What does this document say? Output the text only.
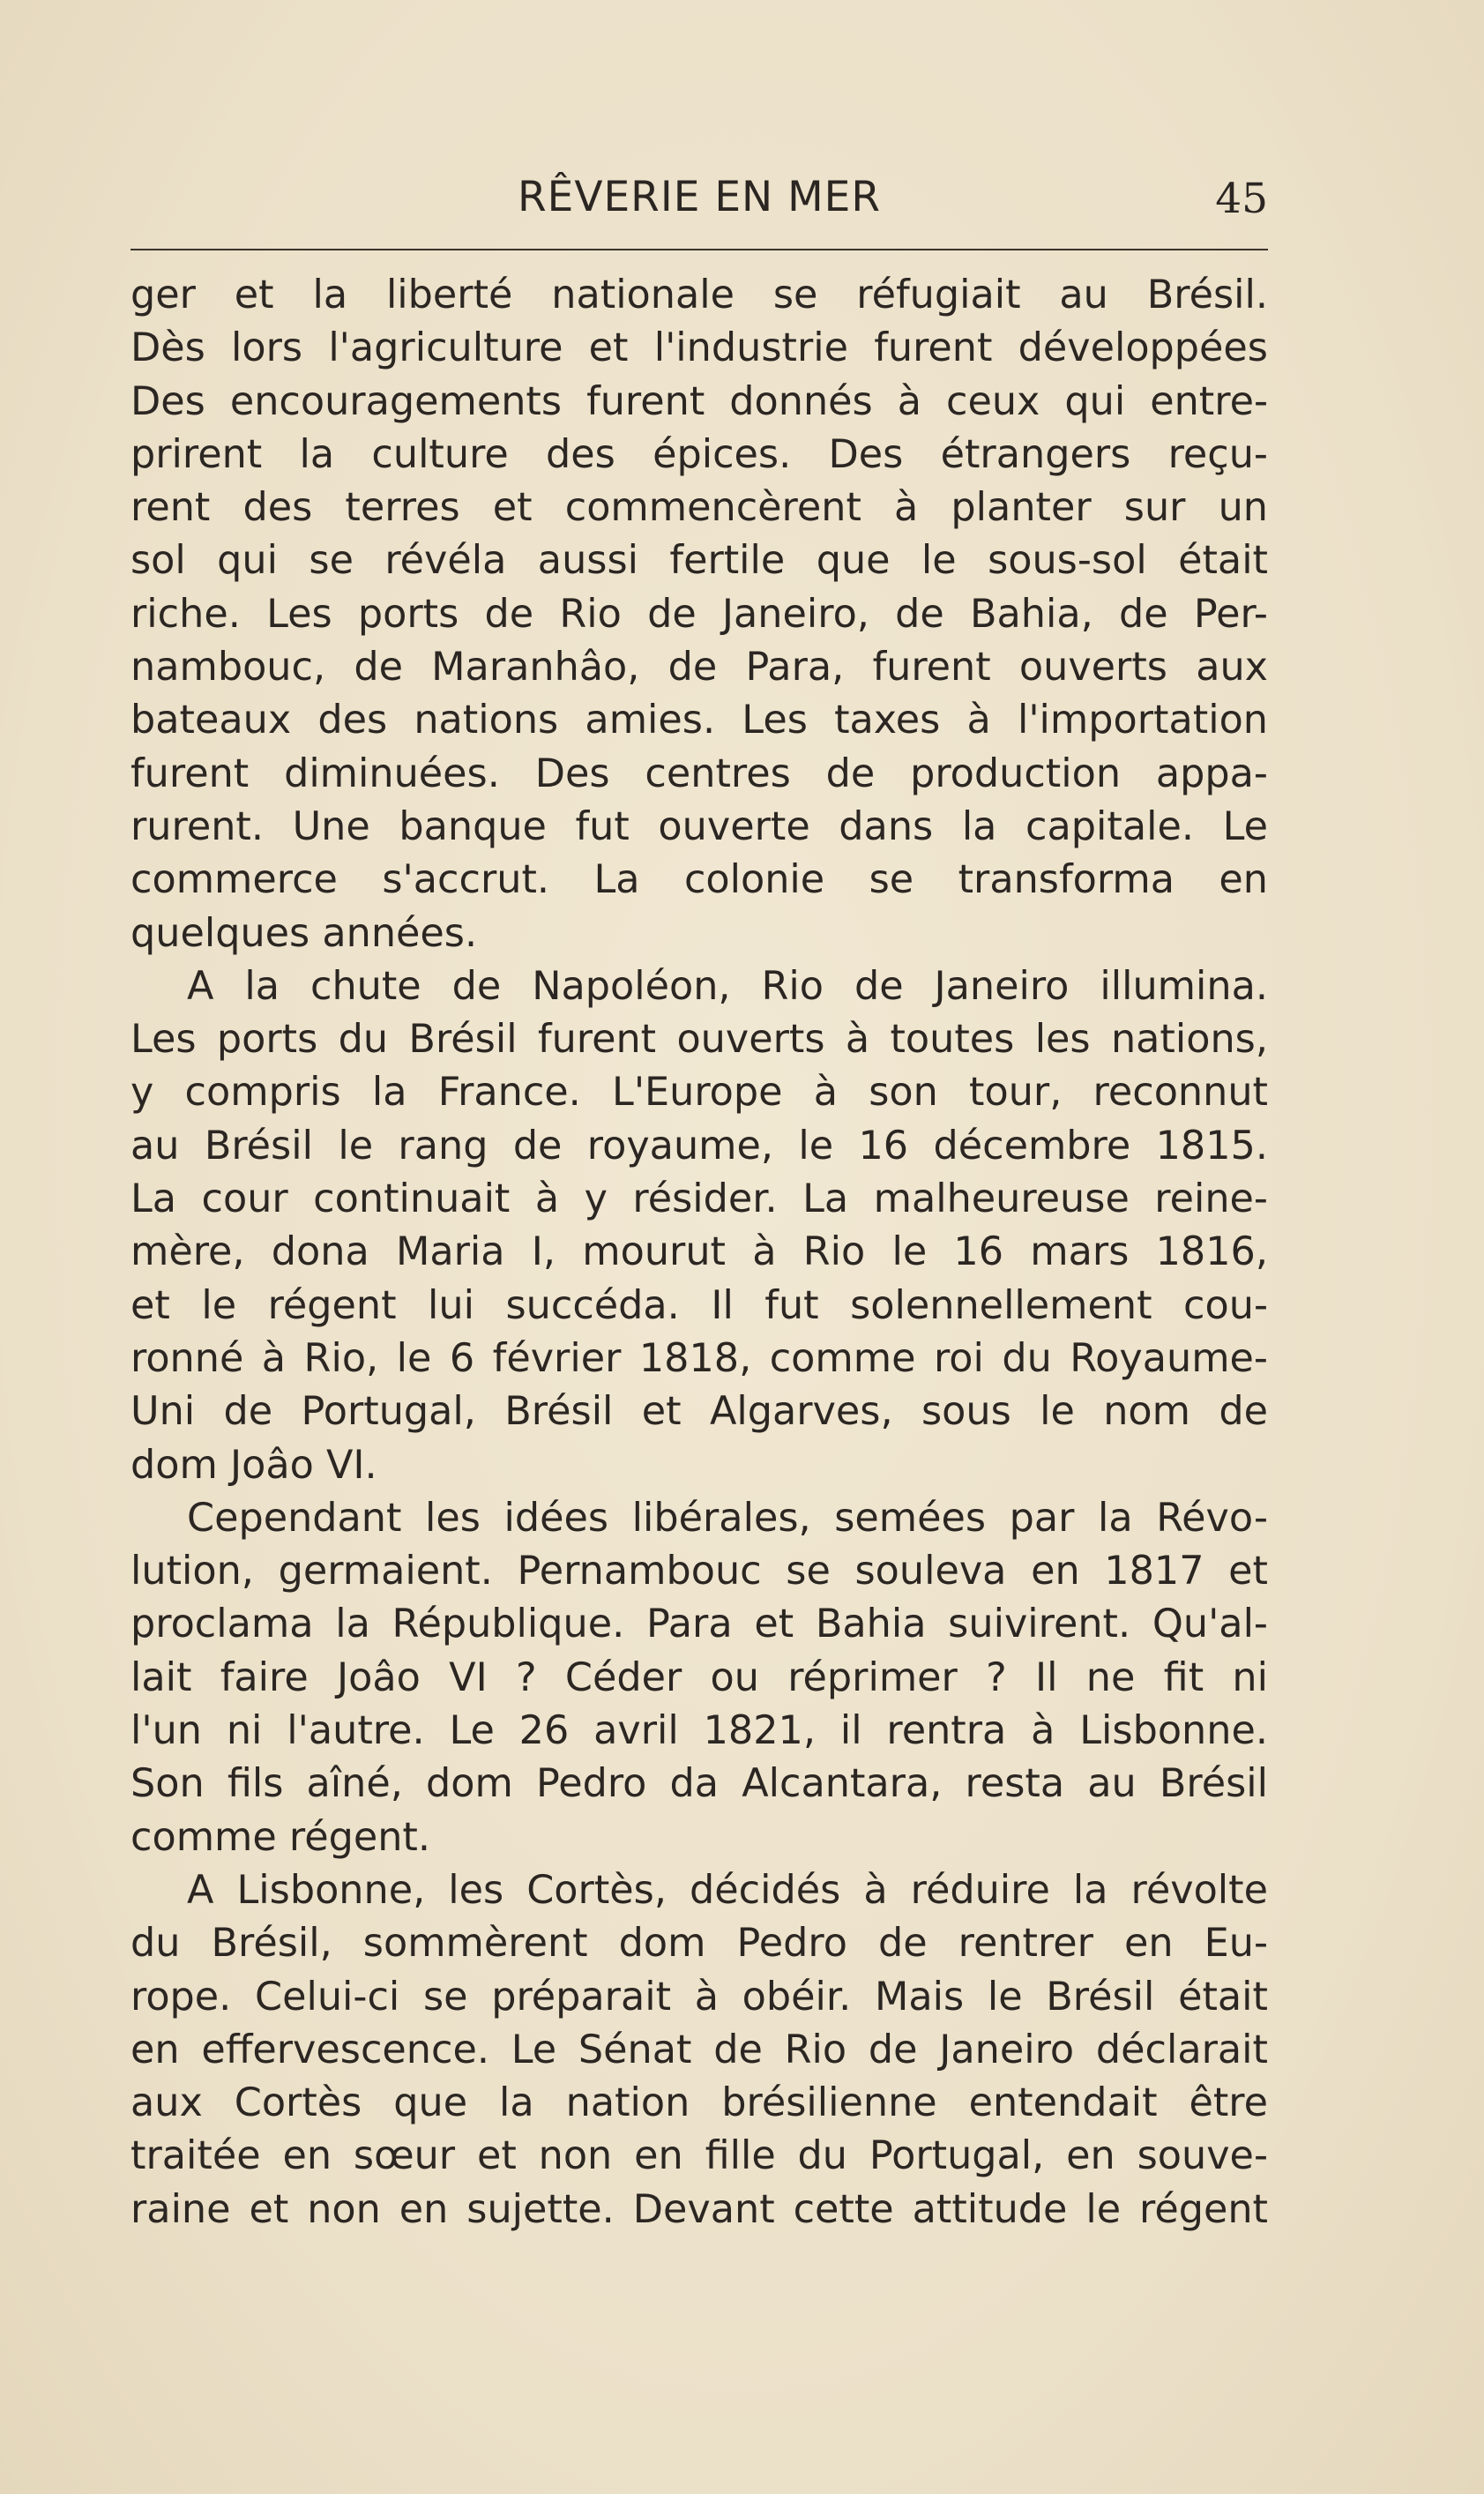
RÊVERIE EN MER	45
ger et la liberté nationale se réfugiait au Brésil.
Dès lors l'agriculture et l'industrie furent développées
Des encouragements furent donnés à ceux qui entre-
prirent la culture des épices. Des étrangers reçu-
rent des terres et commencèrent à planter sur un
sol qui se révéla aussi fertile que le sous-sol était
riche. Les ports de Rio de Janeiro, de Bahia, de Per-
nambouc, de Maranhâo, de Para, furent ouverts aux
bateaux des nations amies. Les taxes à l'importation
furent diminuées. Des centres de production appa-
rurent. Une banque fut ouverte dans la capitale. Le
commerce s'accrut. La colonie se transforma en
quelques années.
A la chute de Napoléon, Rio de Janeiro illumina.
Les ports du Brésil furent ouverts à toutes les nations,
y compris la France. L'Europe à son tour, reconnut
au Brésil le rang de royaume, le 16 décembre 1815.
La cour continuait à y résider. La malheureuse reine-
mère, dona Maria I, mourut à Rio le 16 mars 1816,
et le régent lui succéda. Il fut solennellement cou-
ronné à Rio, le 6 février 1818, comme roi du Royaume-
Uni de Portugal, Brésil et Algarves, sous le nom de
dom Joâo VI.
Cependant les idées libérales, semées par la Révo-
lution, germaient. Pernambouc se souleva en 1817 et
proclama la République. Para et Bahia suivirent. Qu'al-
lait faire Joâo VI ? Céder ou réprimer ? Il ne fit ni
l'un ni l'autre. Le 26 avril 1821, il rentra à Lisbonne.
Son fils aîné, dom Pedro da Alcantara, resta au Brésil
comme régent.
A Lisbonne, les Cortès, décidés à réduire la révolte
du Brésil, sommèrent dom Pedro de rentrer en Eu-
rope. Celui-ci se préparait à obéir. Mais le Brésil était
en effervescence. Le Sénat de Rio de Janeiro déclarait
aux Cortès que la nation brésilienne entendait être
traitée en sœur et non en fille du Portugal, en souve-
raine et non en sujette. Devant cette attitude le régent
